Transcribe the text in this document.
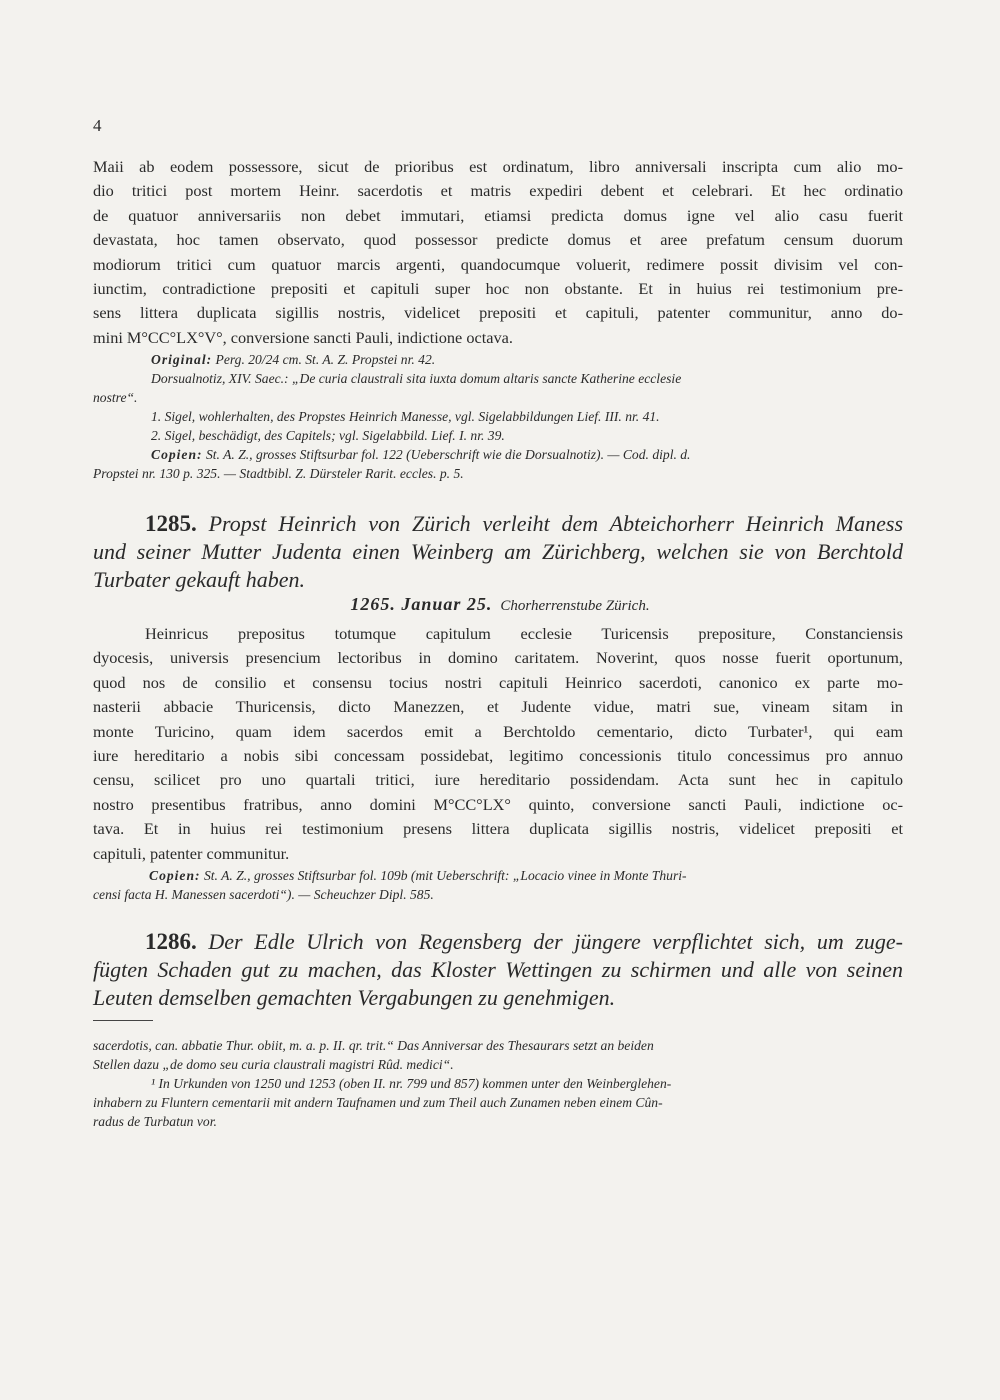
4
Maii ab eodem possessore, sicut de prioribus est ordinatum, libro anniversali inscripta cum alio mo-
dio tritici post mortem Heinr. sacerdotis et matris expediri debent et celebrari. Et hec ordinatio
de quatuor anniversariis non debet immutari, etiamsi predicta domus igne vel alio casu fuerit
devastata, hoc tamen observato, quod possessor predicte domus et aree prefatum censum duorum
modiorum tritici cum quatuor marcis argenti, quandocumque voluerit, redimere possit divisim vel con-
iunctim, contradictione prepositi et capituli super hoc non obstante. Et in huius rei testimonium pre-
sens littera duplicata sigillis nostris, videlicet prepositi et capituli, patenter communitur, anno do-
mini M°CC°LX°V°, conversione sancti Pauli, indictione octava.
Original: Perg. 20/24 cm. St. A. Z. Propstei nr. 42.
Dorsualnotiz, XIV. Saec.: „De curia claustrali sita iuxta domum altaris sancte Katherine ecclesie
nostre“.
1. Sigel, wohlerhalten, des Propstes Heinrich Manesse, vgl. Sigelabbildungen Lief. III. nr. 41.
2. Sigel, beschädigt, des Capitels; vgl. Sigelabbild. Lief. I. nr. 39.
Copien: St. A. Z., grosses Stiftsurbar fol. 122 (Ueberschrift wie die Dorsualnotiz). — Cod. dipl. d.
Propstei nr. 130 p. 325. — Stadtbibl. Z. Dürsteler Rarit. eccles. p. 5.
1285. Propst Heinrich von Zürich verleiht dem Abteichorherr Heinrich Maness
und seiner Mutter Judenta einen Weinberg am Zürichberg, welchen sie von Berchtold
Turbater gekauft haben.
1265. Januar 25. Chorherrenstube Zürich.
Heinricus prepositus totumque capitulum ecclesie Turicensis prepositure, Constanciensis
dyocesis, universis presencium lectoribus in domino caritatem. Noverint, quos nosse fuerit oportunum,
quod nos de consilio et consensu tocius nostri capituli Heinrico sacerdoti, canonico ex parte mo-
nasterii abbacie Thuricensis, dicto Manezzen, et Judente vidue, matri sue, vineam sitam in
monte Turicino, quam idem sacerdos emit a Berchtoldo cementario, dicto Turbater¹, qui eam
iure hereditario a nobis sibi concessam possidebat, legitimo concessionis titulo concessimus pro annuo
censu, scilicet pro uno quartali tritici, iure hereditario possidendam. Acta sunt hec in capitulo
nostro presentibus fratribus, anno domini M°CC°LX° quinto, conversione sancti Pauli, indictione oc-
tava. Et in huius rei testimonium presens littera duplicata sigillis nostris, videlicet prepositi et
capituli, patenter communitur.
Copien: St. A. Z., grosses Stiftsurbar fol. 109b (mit Ueberschrift: „Locacio vinee in Monte Thuri-
censi facta H. Manessen sacerdoti“). — Scheuchzer Dipl. 585.
1286. Der Edle Ulrich von Regensberg der jüngere verpflichtet sich, um zuge-
fügten Schaden gut zu machen, das Kloster Wettingen zu schirmen und alle von seinen
Leuten demselben gemachten Vergabungen zu genehmigen.
sacerdotis, can. abbatie Thur. obiit, m. a. p. II. qr. trit.“ Das Anniversar des Thesaurars setzt an beiden
Stellen dazu „de domo seu curia claustrali magistri Rûd. medici“.
¹ In Urkunden von 1250 und 1253 (oben II. nr. 799 und 857) kommen unter den Weinberglehen-
inhabern zu Fluntern cementarii mit andern Taufnamen und zum Theil auch Zunamen neben einem Cûn-
radus de Turbatun vor.
